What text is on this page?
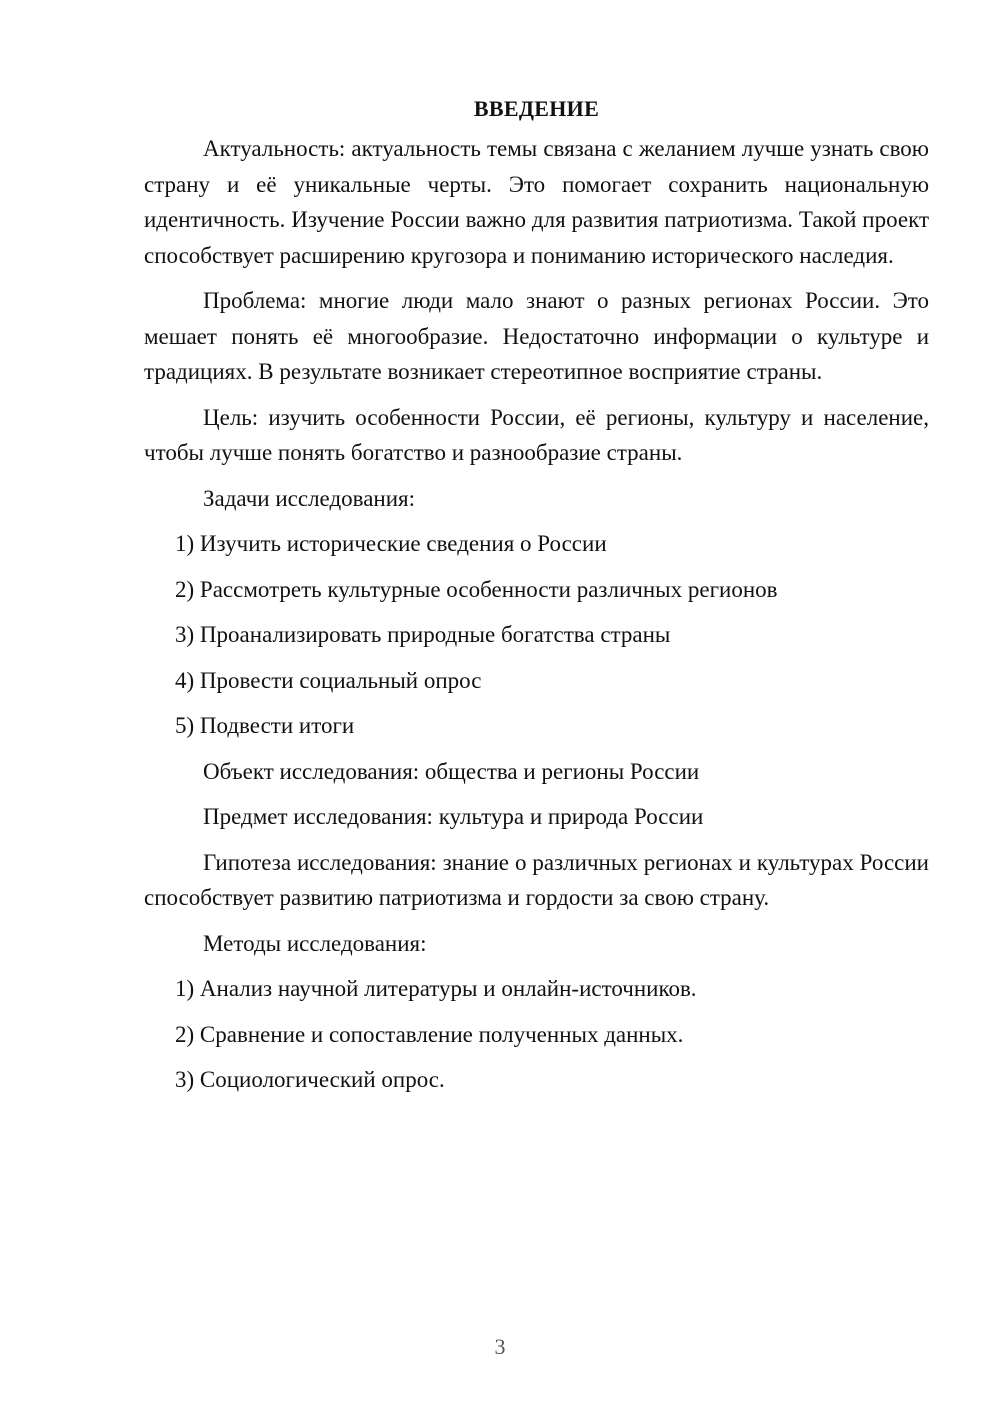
ВВЕДЕНИЕ

Актуальность: актуальность темы связана с желанием лучше узнать свою страну и её уникальные черты. Это помогает сохранить национальную идентичность. Изучение России важно для развития патриотизма. Такой проект способствует расширению кругозора и пониманию исторического наследия.

Проблема: многие люди мало знают о разных регионах России. Это мешает понять её многообразие. Недостаточно информации о культуре и традициях. В результате возникает стереотипное восприятие страны.

Цель: изучить особенности России, её регионы, культуру и население, чтобы лучше понять богатство и разнообразие страны.

Задачи исследования:

1) Изучить исторические сведения о России
2) Рассмотреть культурные особенности различных регионов
3) Проанализировать природные богатства страны
4) Провести социальный опрос
5) Подвести итоги

Объект исследования: общества и регионы России

Предмет исследования: культура и природа России

Гипотеза исследования: знание о различных регионах и культурах России способствует развитию патриотизма и гордости за свою страну.

Методы исследования:

1) Анализ научной литературы и онлайн-источников.
2) Сравнение и сопоставление полученных данных.
3) Социологический опрос.
3
